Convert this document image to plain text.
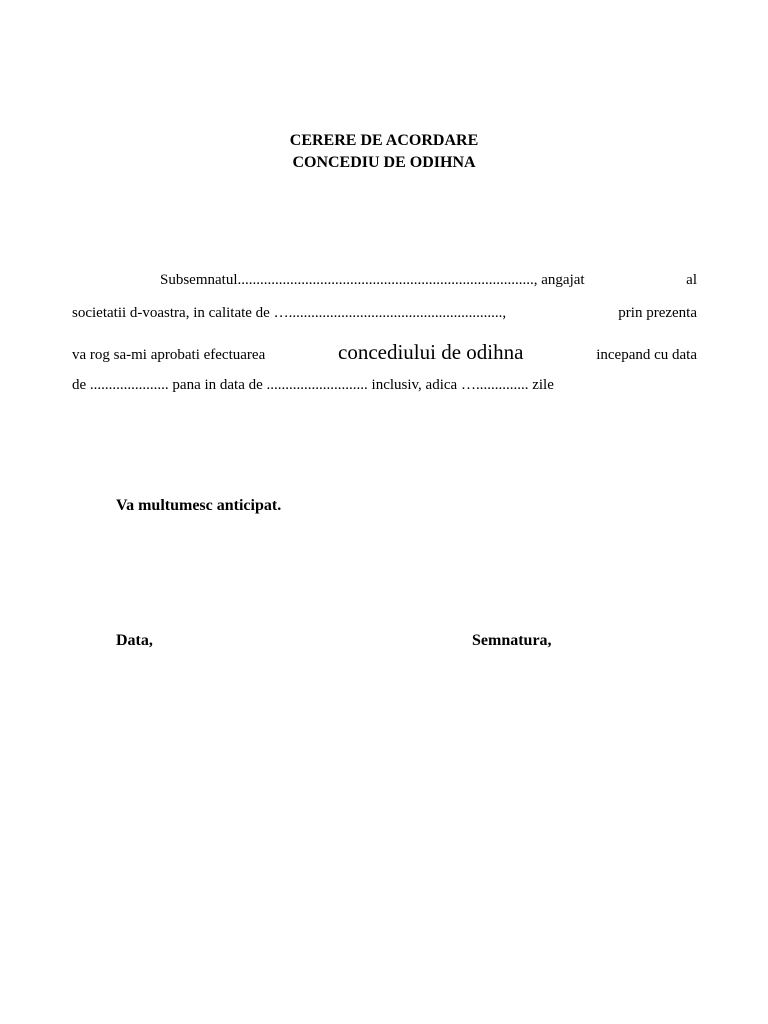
CERERE DE ACORDARE
CONCEDIU DE ODIHNA
Subsemnatul..............................................................................., angajat	al
societatii d-voastra, in calitate de ….........................................................,	prin prezenta
va rog sa-mi aprobati efectuarea	concediului de odihna	incepand cu data
de ..................... pana in data de ........................... inclusiv, adica ….............. zile
Va multumesc anticipat.
Data,	Semnatura,
